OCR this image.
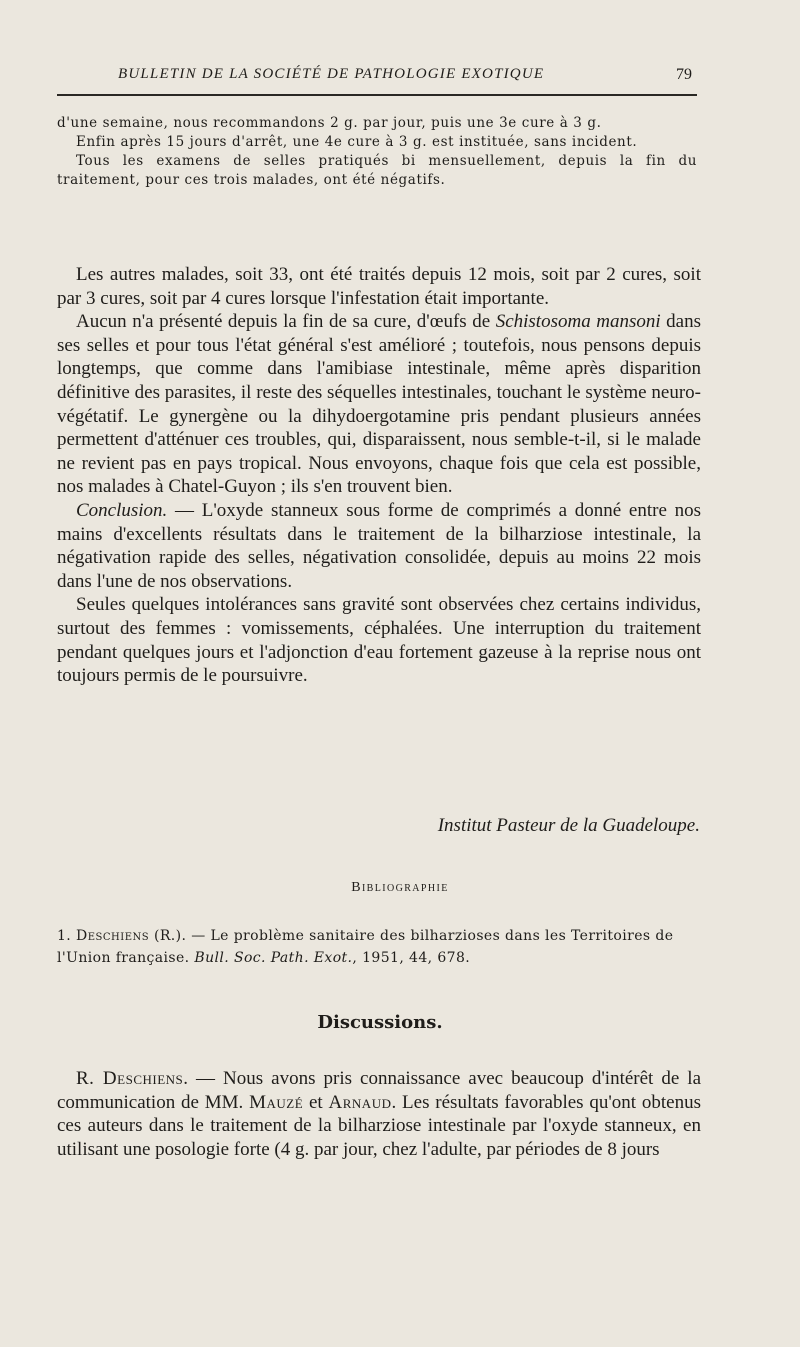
BULLETIN DE LA SOCIÉTÉ DE PATHOLOGIE EXOTIQUE	79

d'une semaine, nous recommandons 2 g. par jour, puis une 3e cure à 3 g.

Enfin après 15 jours d'arrêt, une 4e cure à 3 g. est instituée, sans incident.

Tous les examens de selles pratiqués bi mensuellement, depuis la fin du traitement, pour ces trois malades, ont été négatifs.

Les autres malades, soit 33, ont été traités depuis 12 mois, soit par 2 cures, soit par 3 cures, soit par 4 cures lorsque l'infestation était importante.

Aucun n'a présenté depuis la fin de sa cure, d'œufs de Schistosoma mansoni dans ses selles et pour tous l'état général s'est amélioré ; toutefois, nous pensons depuis longtemps, que comme dans l'amibiase intestinale, même après disparition définitive des parasites, il reste des séquelles intestinales, touchant le système neuro-végétatif. Le gynergène ou la dihydoergotamine pris pendant plusieurs années permettent d'atténuer ces troubles, qui, disparaissent, nous semble-t-il, si le malade ne revient pas en pays tropical. Nous envoyons, chaque fois que cela est possible, nos malades à Chatel-Guyon ; ils s'en trouvent bien.

Conclusion. — L'oxyde stanneux sous forme de comprimés a donné entre nos mains d'excellents résultats dans le traitement de la bilharziose intestinale, la négativation rapide des selles, négativation consolidée, depuis au moins 22 mois dans l'une de nos observations.

Seules quelques intolérances sans gravité sont observées chez certains individus, surtout des femmes : vomissements, céphalées. Une interruption du traitement pendant quelques jours et l'adjonction d'eau fortement gazeuse à la reprise nous ont toujours permis de le poursuivre.

Institut Pasteur de la Guadeloupe.
Bibliographie
1. Deschiens (R.). — Le problème sanitaire des bilharzioses dans les Territoires de l'Union française. Bull. Soc. Path. Exot., 1951, 44, 678.
Discussions.

R. Deschiens. — Nous avons pris connaissance avec beaucoup d'intérêt de la communication de MM. Mauzé et Arnaud. Les résultats favorables qu'ont obtenus ces auteurs dans le traitement de la bilharziose intestinale par l'oxyde stanneux, en utilisant une posologie forte (4 g. par jour, chez l'adulte, par périodes de 8 jours
